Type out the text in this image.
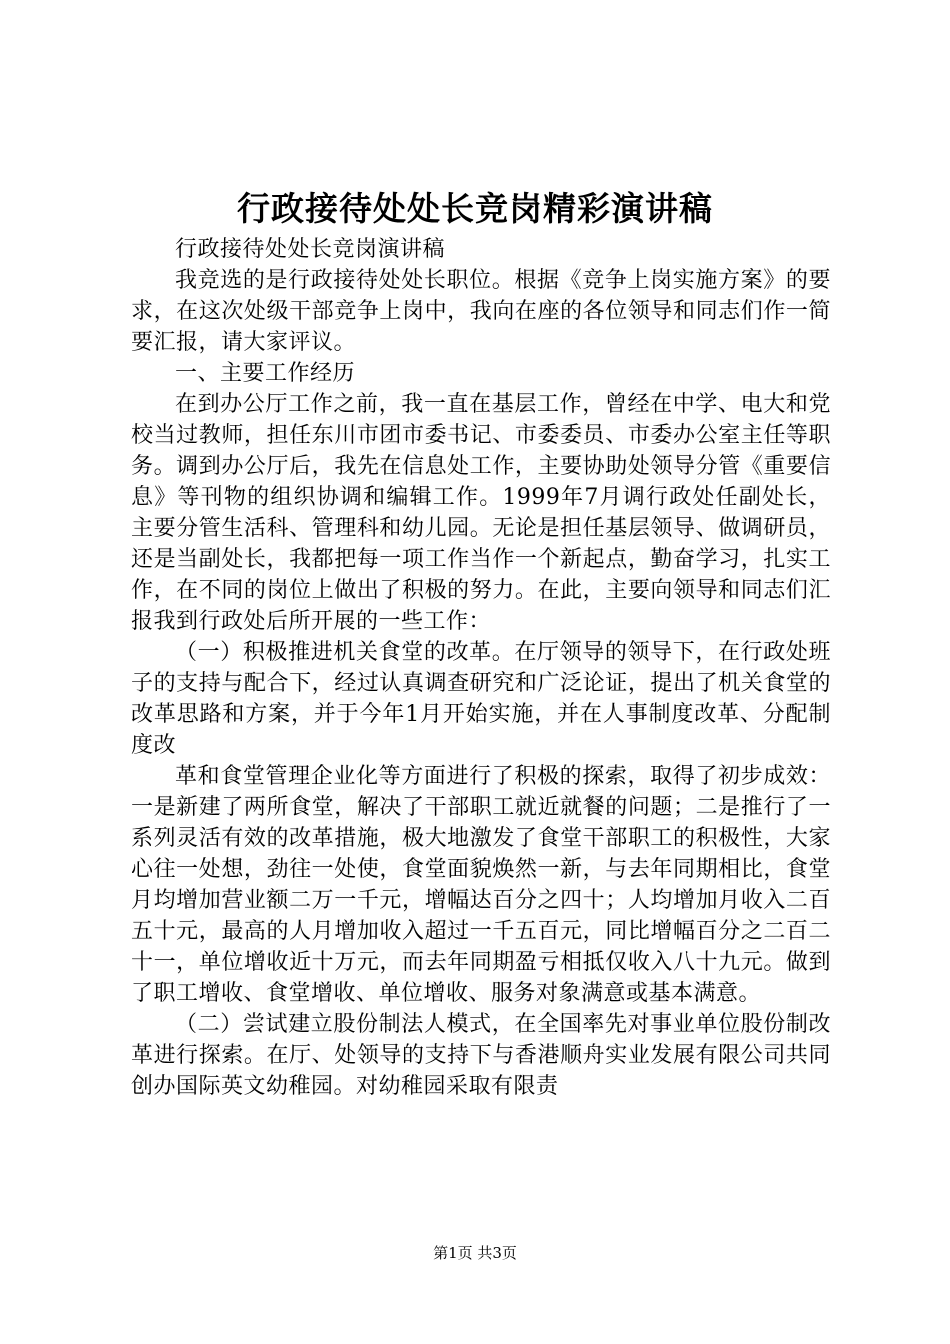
行政接待处处长竞岗精彩演讲稿

行政接待处处长竞岗演讲稿

我竞选的是行政接待处处长职位。根据《竞争上岗实施方案》的要求，在这次处级干部竞争上岗中，我向在座的各位领导和同志们作一简要汇报，请大家评议。

一、主要工作经历

在到办公厅工作之前，我一直在基层工作，曾经在中学、电大和党校当过教师，担任东川市团市委书记、市委委员、市委办公室主任等职务。调到办公厅后，我先在信息处工作，主要协助处领导分管《重要信息》等刊物的组织协调和编辑工作。1999年7月调行政处任副处长，主要分管生活科、管理科和幼儿园。无论是担任基层领导、做调研员，还是当副处长，我都把每一项工作当作一个新起点，勤奋学习，扎实工作，在不同的岗位上做出了积极的努力。在此，主要向领导和同志们汇报我到行政处后所开展的一些工作：

（一）积极推进机关食堂的改革。在厅领导的领导下，在行政处班子的支持与配合下，经过认真调查研究和广泛论证，提出了机关食堂的改革思路和方案，并于今年1月开始实施，并在人事制度改革、分配制度改

革和食堂管理企业化等方面进行了积极的探索，取得了初步成效：一是新建了两所食堂，解决了干部职工就近就餐的问题；二是推行了一系列灵活有效的改革措施，极大地激发了食堂干部职工的积极性，大家心往一处想，劲往一处使，食堂面貌焕然一新，与去年同期相比，食堂月均增加营业额二万一千元，增幅达百分之四十；人均增加月收入二百五十元，最高的人月增加收入超过一千五百元，同比增幅百分之二百二十一，单位增收近十万元，而去年同期盈亏相抵仅收入八十九元。做到了职工增收、食堂增收、单位增收、服务对象满意或基本满意。

（二）尝试建立股份制法人模式，在全国率先对事业单位股份制改革进行探索。在厅、处领导的支持下与香港顺舟实业发展有限公司共同创办国际英文幼稚园。对幼稚园采取有限责

第1页 共3页
